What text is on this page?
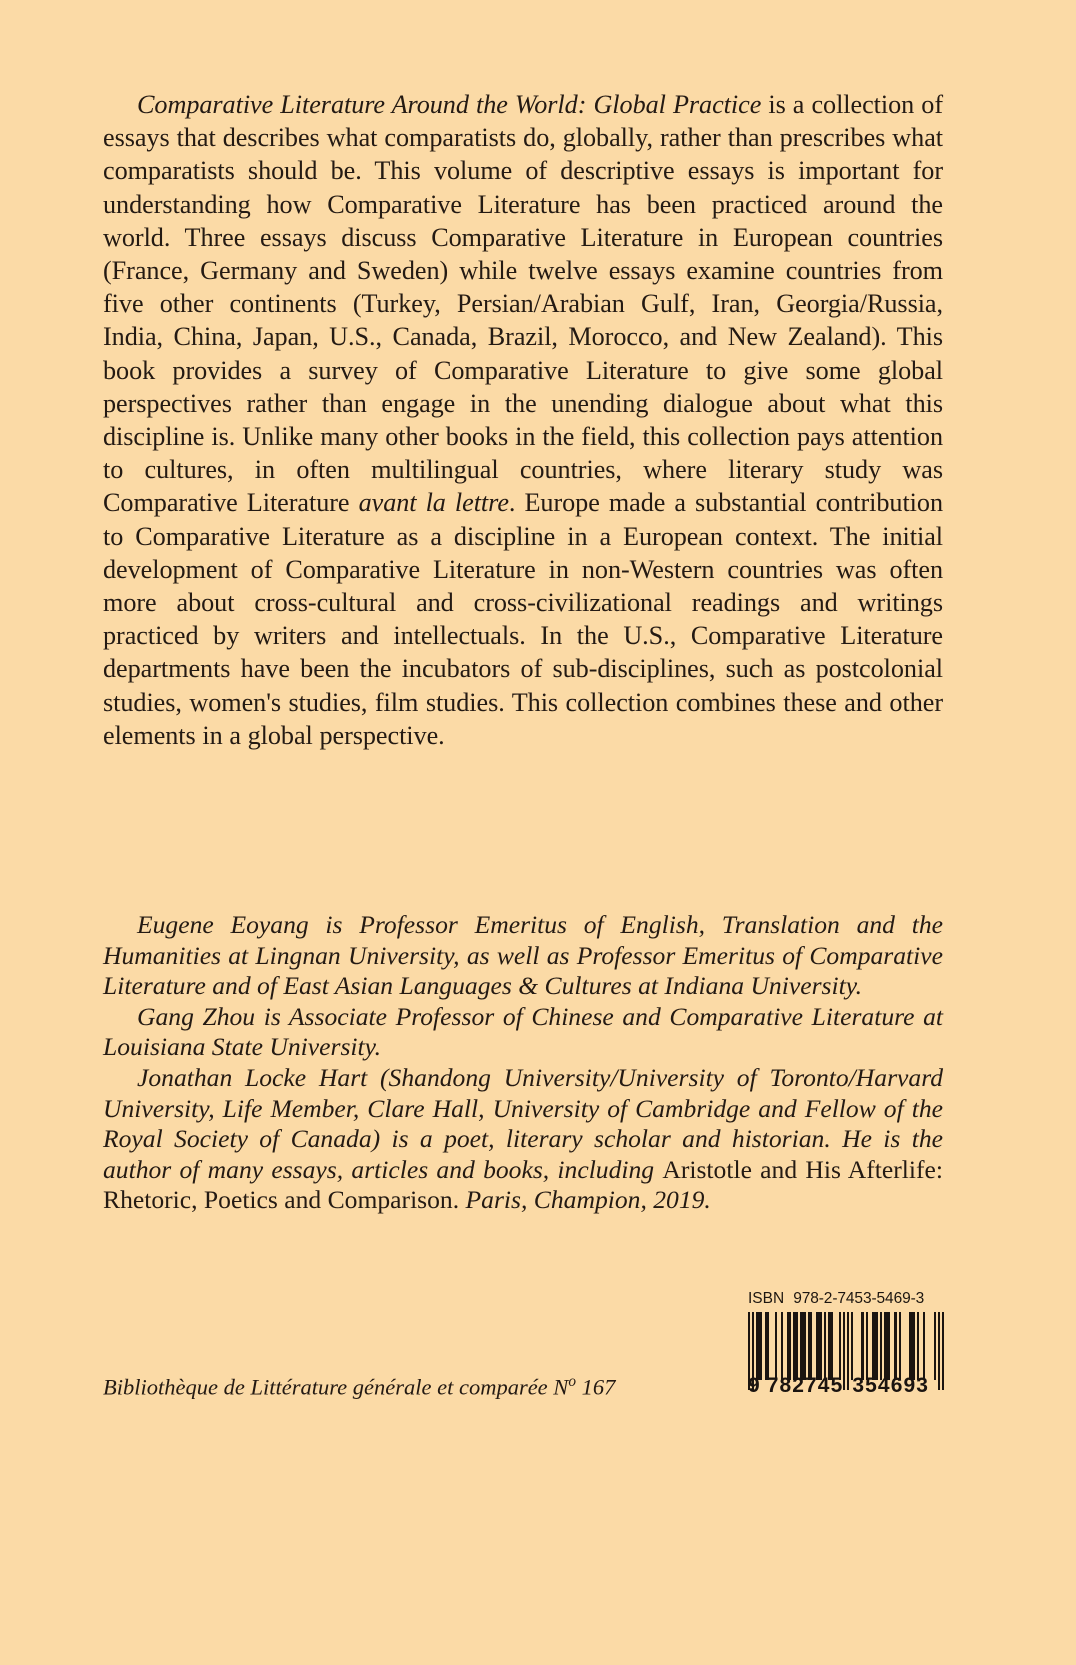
Comparative Literature Around the World: Global Practice is a collection of essays that describes what comparatists do, globally, rather than prescribes what comparatists should be. This volume of descriptive essays is important for understanding how Comparative Literature has been practiced around the world. Three essays discuss Comparative Literature in European countries (France, Germany and Sweden) while twelve essays examine countries from five other continents (Turkey, Persian/Arabian Gulf, Iran, Georgia/Russia, India, China, Japan, U.S., Canada, Brazil, Morocco, and New Zealand). This book provides a survey of Comparative Literature to give some global perspectives rather than engage in the unending dialogue about what this discipline is. Unlike many other books in the field, this collection pays attention to cultures, in often multilingual countries, where literary study was Comparative Literature avant la lettre. Europe made a substantial contribution to Comparative Literature as a discipline in a European context. The initial development of Comparative Literature in non-Western countries was often more about cross-cultural and cross-civilizational readings and writings practiced by writers and intellectuals. In the U.S., Comparative Literature departments have been the incubators of sub-disciplines, such as postcolonial studies, women's studies, film studies. This collection combines these and other elements in a global perspective.

Eugene Eoyang is Professor Emeritus of English, Translation and the Humanities at Lingnan University, as well as Professor Emeritus of Comparative Literature and of East Asian Languages & Cultures at Indiana University.

Gang Zhou is Associate Professor of Chinese and Comparative Literature at Louisiana State University.

Jonathan Locke Hart (Shandong University/University of Toronto/Harvard University, Life Member, Clare Hall, University of Cambridge and Fellow of the Royal Society of Canada) is a poet, literary scholar and historian. He is the author of many essays, articles and books, including Aristotle and His Afterlife: Rhetoric, Poetics and Comparison. Paris, Champion, 2019.

Bibliothèque de Littérature générale et comparée $N^o$ 167
ISBN 978-2-7453-5469-3
9 782745 354693
